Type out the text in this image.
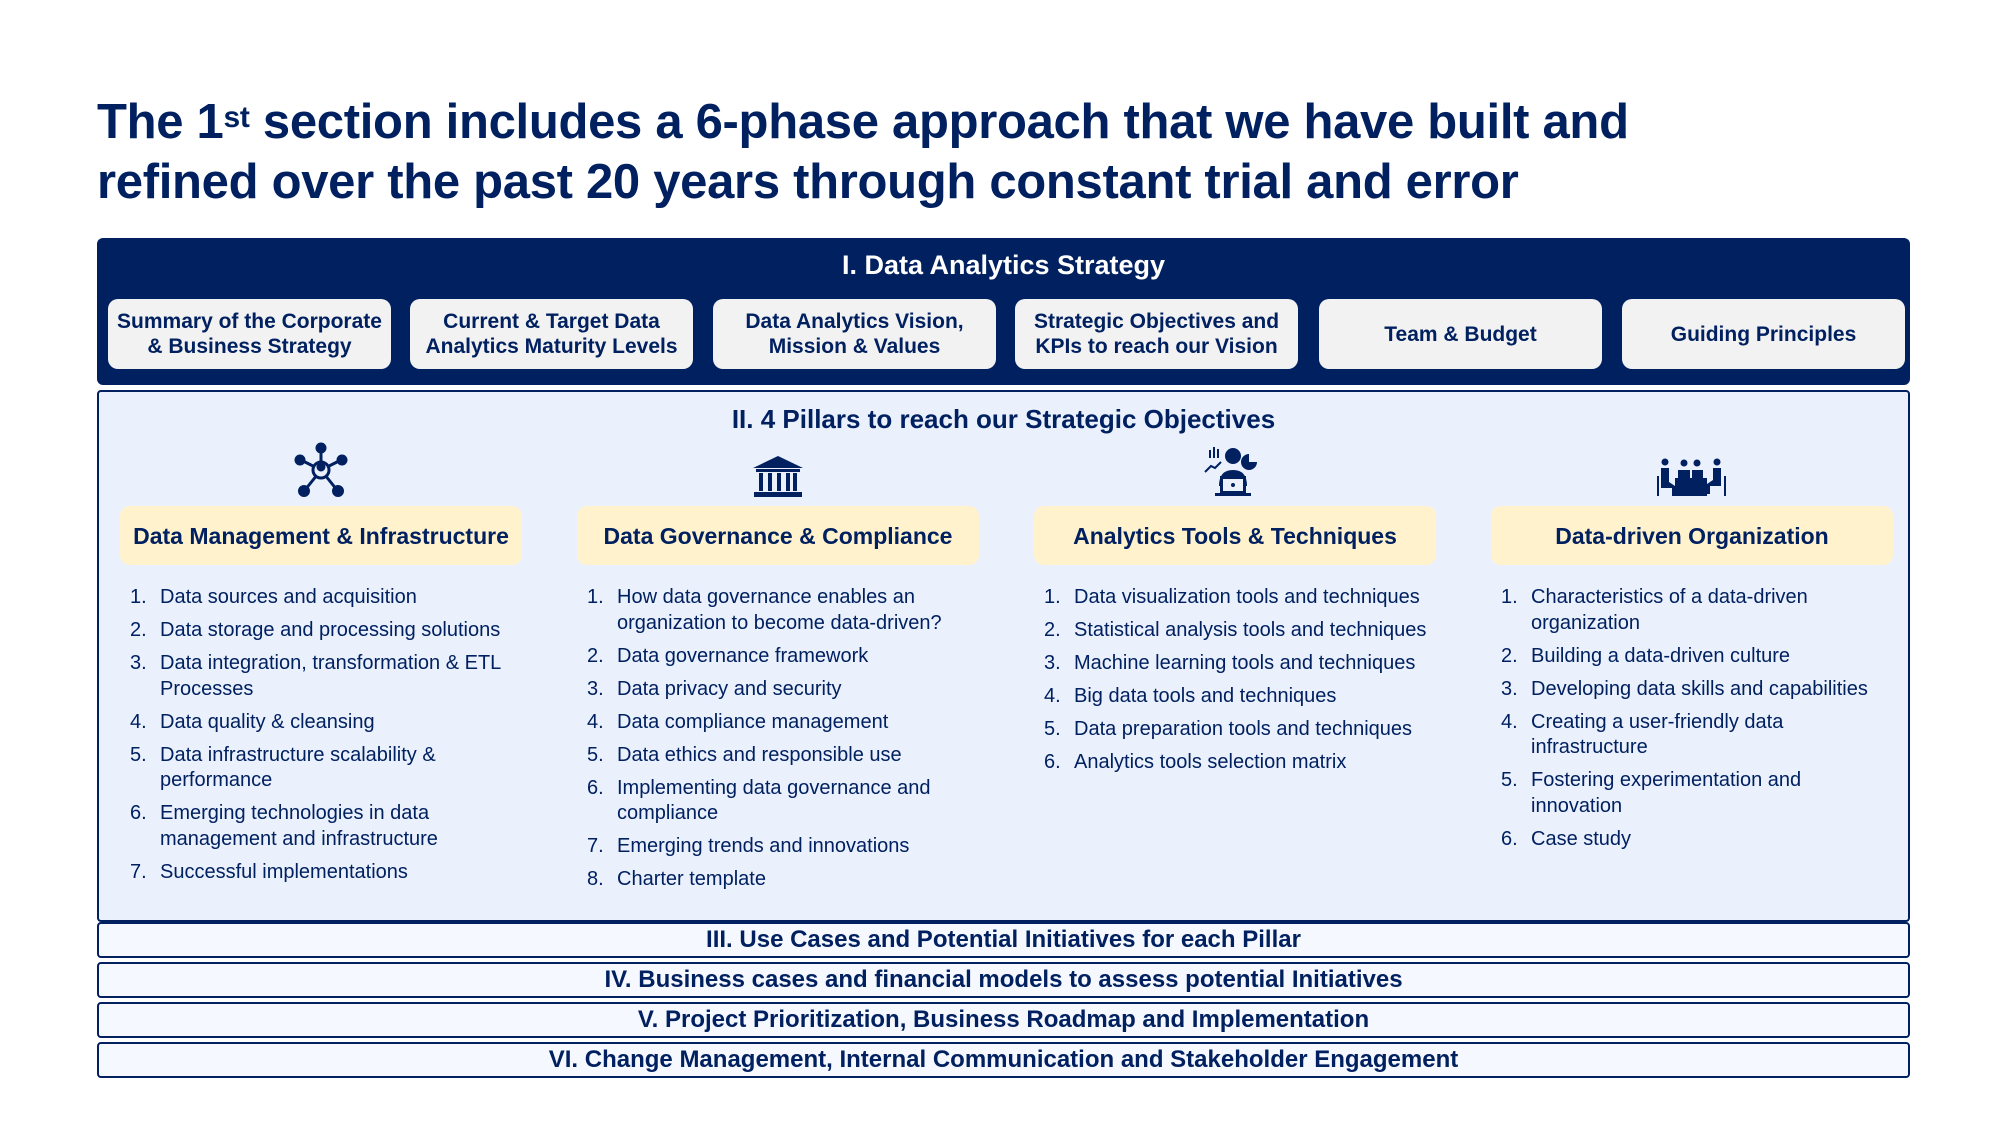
The 1st section includes a 6-phase approach that we have built and
refined over the past 20 years through constant trial and error
I. Data Analytics Strategy
Summary of the Corporate & Business Strategy
Current & Target Data Analytics Maturity Levels
Data Analytics Vision, Mission & Values
Strategic Objectives and KPIs to reach our Vision
Team & Budget	Guiding Principles
II. 4 Pillars to reach our Strategic Objectives
Data Management & Infrastructure
1. Data sources and acquisition
2. Data storage and processing solutions
3. Data integration, transformation & ETL Processes
4. Data quality & cleansing
5. Data infrastructure scalability & performance
6. Emerging technologies in data management and infrastructure
7. Successful implementations
Data Governance & Compliance
1. How data governance enables an organization to become data-driven?
2. Data governance framework
3. Data privacy and security
4. Data compliance management
5. Data ethics and responsible use
6. Implementing data governance and compliance
7. Emerging trends and innovations
8. Charter template
Analytics Tools & Techniques
1. Data visualization tools and techniques
2. Statistical analysis tools and techniques
3. Machine learning tools and techniques
4. Big data tools and techniques
5. Data preparation tools and techniques
6. Analytics tools selection matrix
Data-driven Organization
1. Characteristics of a data-driven organization
2. Building a data-driven culture
3. Developing data skills and capabilities
4. Creating a user-friendly data infrastructure
5. Fostering experimentation and innovation
6. Case study
III. Use Cases and Potential Initiatives for each Pillar
IV. Business cases and financial models to assess potential Initiatives
V. Project Prioritization, Business Roadmap and Implementation
VI. Change Management, Internal Communication and Stakeholder Engagement
